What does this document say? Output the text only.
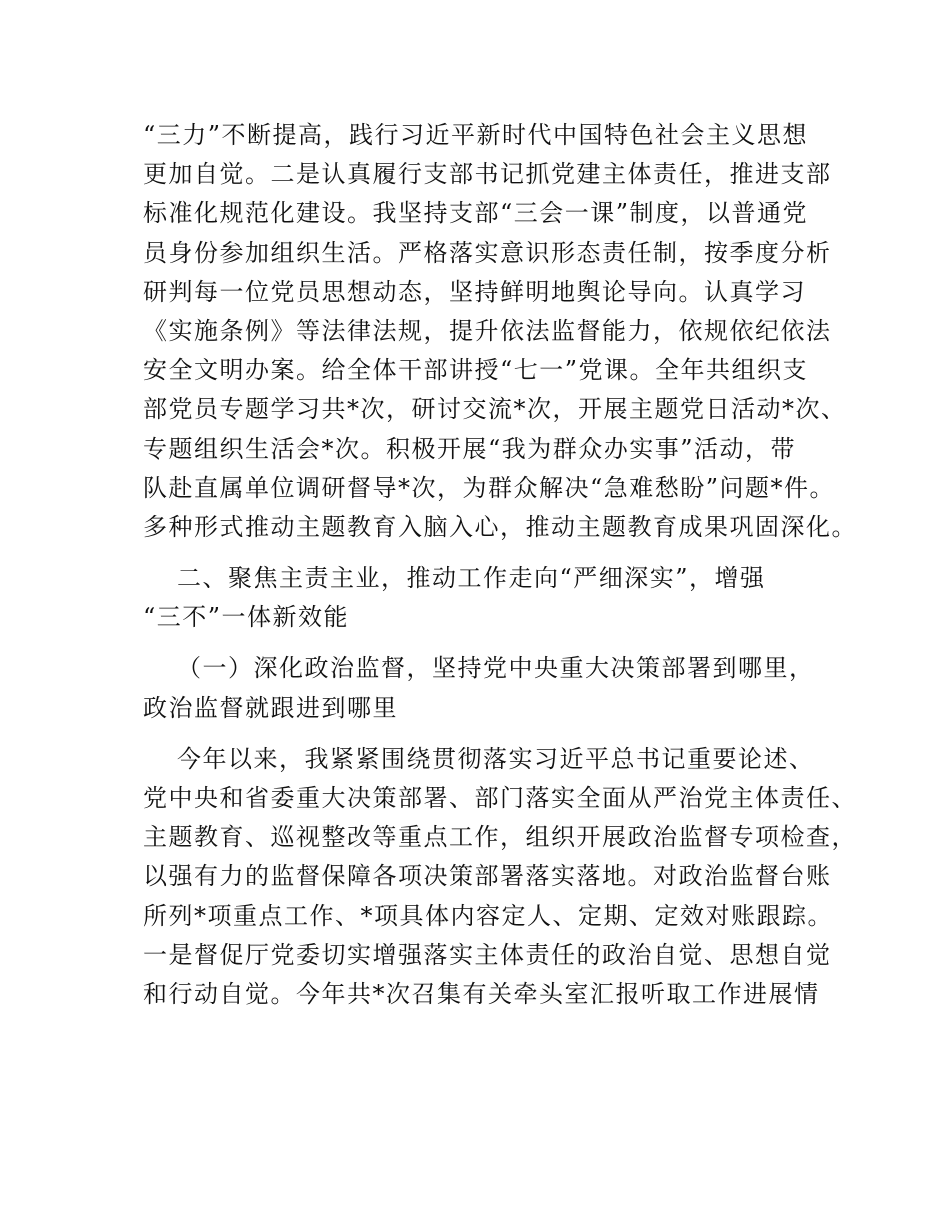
“三力”不断提高，践行习近平新时代中国特色社会主义思想
更加自觉。二是认真履行支部书记抓党建主体责任，推进支部
标准化规范化建设。我坚持支部“三会一课”制度，以普通党
员身份参加组织生活。严格落实意识形态责任制，按季度分析
研判每一位党员思想动态，坚持鲜明地舆论导向。认真学习
《实施条例》等法律法规，提升依法监督能力，依规依纪依法
安全文明办案。给全体干部讲授“七一”党课。全年共组织支
部党员专题学习共*次，研讨交流*次，开展主题党日活动*次、
专题组织生活会*次。积极开展“我为群众办实事”活动，带
队赴直属单位调研督导*次，为群众解决“急难愁盼”问题*件。
多种形式推动主题教育入脑入心，推动主题教育成果巩固深化。
二、聚焦主责主业，推动工作走向“严细深实”，增强
“三不”一体新效能
（一）深化政治监督，坚持党中央重大决策部署到哪里，
政治监督就跟进到哪里
今年以来，我紧紧围绕贯彻落实习近平总书记重要论述、
党中央和省委重大决策部署、部门落实全面从严治党主体责任、
主题教育、巡视整改等重点工作，组织开展政治监督专项检查，
以强有力的监督保障各项决策部署落实落地。对政治监督台账
所列*项重点工作、*项具体内容定人、定期、定效对账跟踪。
一是督促厅党委切实增强落实主体责任的政治自觉、思想自觉
和行动自觉。今年共*次召集有关牵头室汇报听取工作进展情
